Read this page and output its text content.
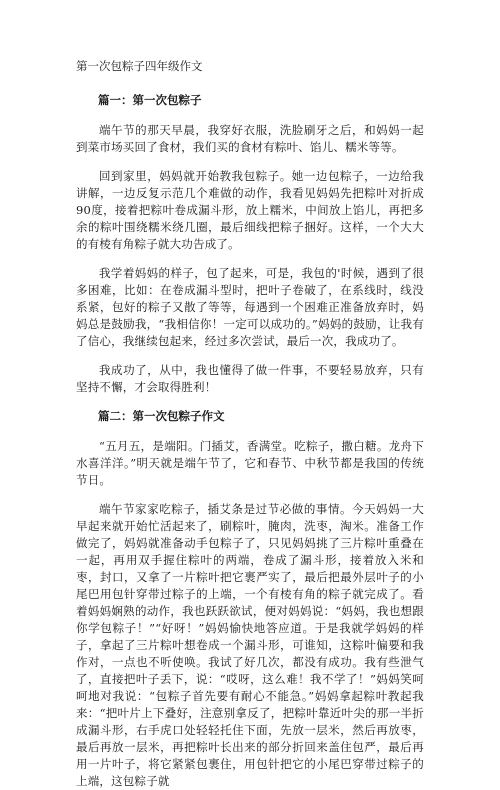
第一次包粽子四年级作文
篇一：第一次包粽子

端午节的那天早晨，我穿好衣服，洗脸刷牙之后，和妈妈一起到菜市场买回了食材，我们买的食材有粽叶、馅儿、糯米等等。

回到家里，妈妈就开始教我包粽子。她一边包粽子，一边给我讲解，一边反复示范几个难做的动作，我看见妈妈先把粽叶对折成90度，接着把粽叶卷成漏斗形，放上糯米，中间放上馅儿，再把多余的粽叶围绕糯米绕几圈，最后细线把粽子捆好。这样，一个大大的有棱有角粽子就大功告成了。

我学着妈妈的样子，包了起来，可是，我包的'时候，遇到了很多困难，比如：在卷成漏斗型时，把叶子卷破了，在系线时，线没系紧，包好的粽子又散了等等，每遇到一个困难正准备放弃时，妈妈总是鼓励我，“我相信你！一定可以成功的。”妈妈的鼓励，让我有了信心，我继续包起来，经过多次尝试，最后一次，我成功了。

我成功了，从中，我也懂得了做一件事，不要轻易放弃，只有坚持不懈，才会取得胜利！

篇二：第一次包粽子作文

“五月五，是端阳。门插艾，香满堂。吃粽子，撒白糖。龙舟下水喜洋洋。”明天就是端午节了，它和春节、中秋节都是我国的传统节日。

端午节家家吃粽子，插艾条是过节必做的事情。今天妈妈一大早起来就开始忙活起来了，刷粽叶，腌肉，洗枣，淘米。准备工作做完了，妈妈就准备动手包粽子了，只见妈妈挑了三片粽叶重叠在一起，再用双手握住粽叶的两端，卷成了漏斗形，接着放入米和枣，封口，又拿了一片粽叶把它裹严实了，最后把最外层叶子的小尾巴用包针穿带过粽子的上端，一个有棱有角的粽子就完成了。看着妈妈娴熟的动作，我也跃跃欲试，便对妈妈说：“妈妈，我也想跟你学包粽子！”“好呀！”妈妈愉快地答应道。于是我就学妈妈的样子，拿起了三片粽叶想卷成一个漏斗形，可谁知，这粽叶偏要和我作对，一点也不听使唤。我试了好几次，都没有成功。我有些泄气了，直接把叶子丢下，说：“哎呀，这么难！我不学了！”妈妈笑呵呵地对我说：“包粽子首先要有耐心不能急。”妈妈拿起粽叶教起我来：“把叶片上下叠好，注意别拿反了，把粽叶靠近叶尖的那一半折成漏斗形，右手虎口处轻轻托住下面，先放一层米，然后再放枣，最后再放一层米，再把粽叶长出来的部分折回来盖住包严，最后再用一片叶子，将它紧紧包裹住，用包针把它的小尾巴穿带过粽子的上端，这包粽子就
